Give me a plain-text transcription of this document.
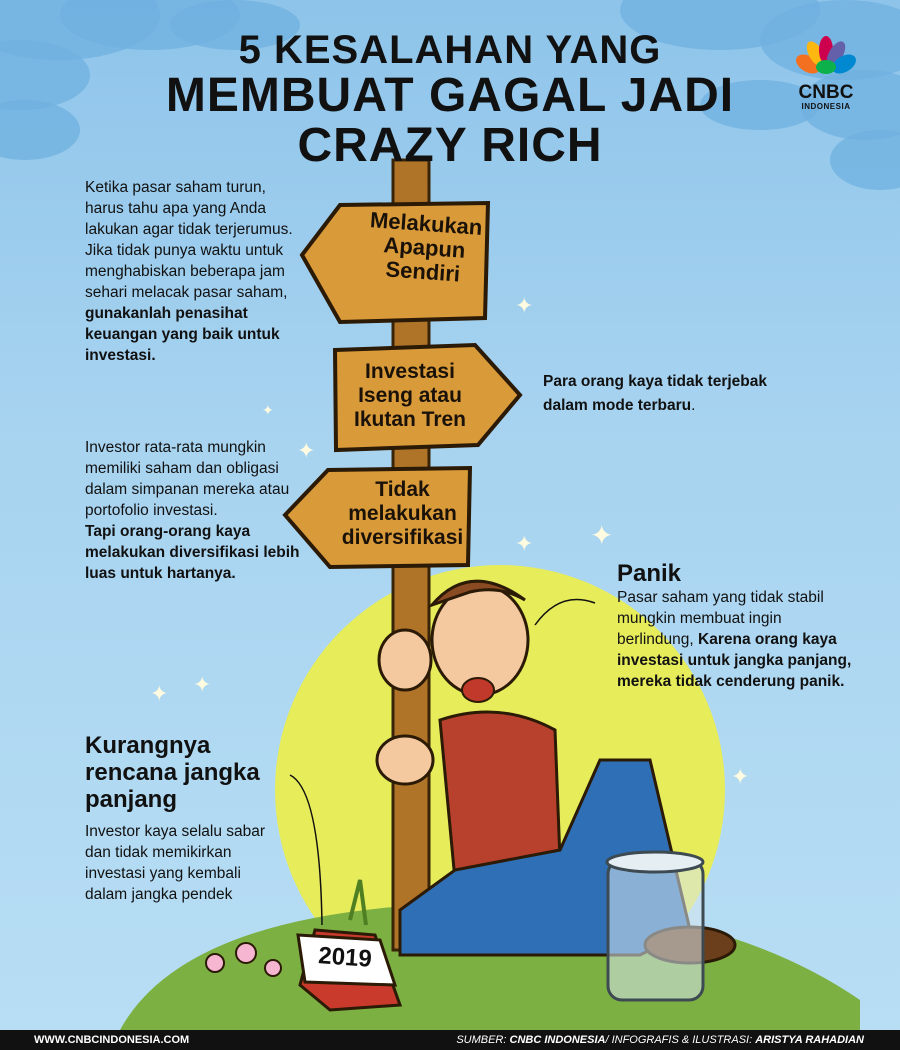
✦
✦
✦
✦ ✦
✦ ✦
✦
2019
5 KESALAHAN YANG
MEMBUAT GAGAL JADI
CRAZY RICH
CNBC
INDONESIA
Melakukan Apapun Sendiri
Investasi Iseng atau Ikutan Tren
Tidak melakukan diversifikasi
Ketika pasar saham turun, harus tahu apa yang Anda lakukan agar tidak terjerumus. Jika tidak punya waktu untuk menghabiskan beberapa jam sehari melacak pasar saham, gunakanlah penasihat keuangan yang baik untuk investasi.
Para orang kaya tidak terjebak dalam mode terbaru.
Investor rata-rata mungkin memiliki saham dan obligasi dalam simpanan mereka atau portofolio investasi.
Tapi orang-orang kaya melakukan diversifikasi lebih luas untuk hartanya.	Panik
Pasar saham yang tidak stabil mungkin membuat ingin berlindung, Karena orang kaya investasi untuk jangka panjang, mereka tidak cenderung panik.
Kurangnya rencana jangka panjang
Investor kaya selalu sabar dan tidak memikirkan investasi yang kembali dalam jangka pendek
WWW.CNBCINDONESIA.COM	SUMBER: CNBC INDONESIA/ INFOGRAFIS & ILUSTRASI: ARISTYA RAHADIAN
